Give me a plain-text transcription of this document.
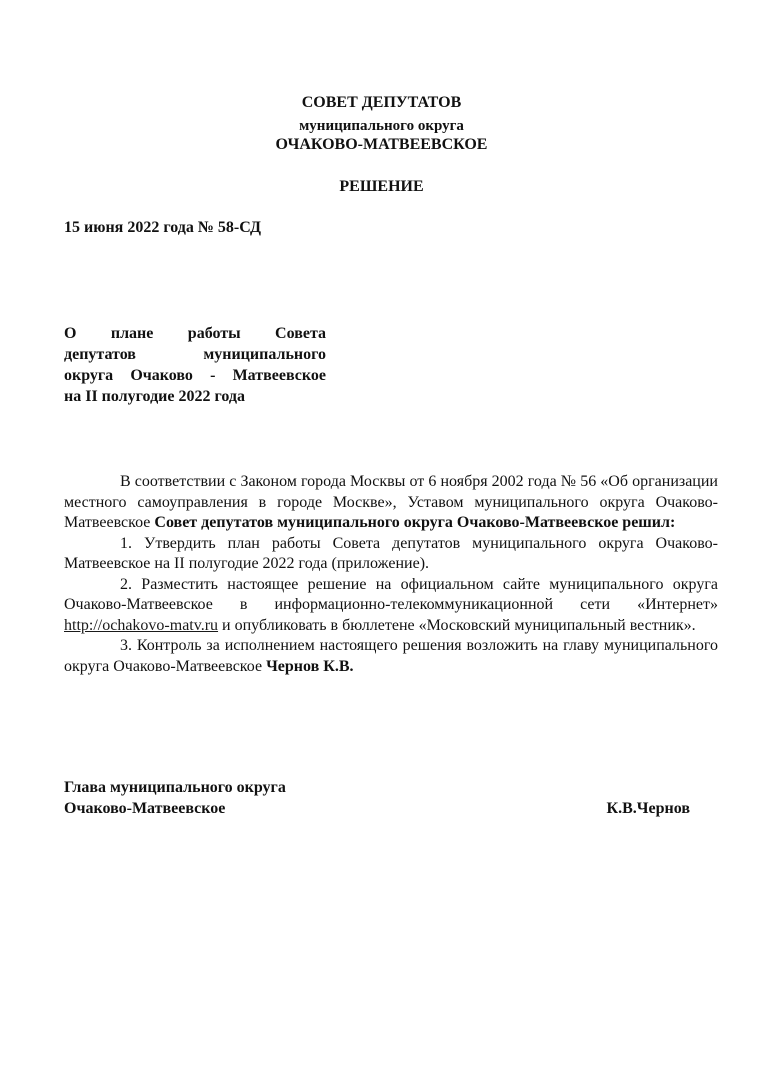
СОВЕТ ДЕПУТАТОВ
муниципального округа
ОЧАКОВО-МАТВЕЕВСКОЕ
РЕШЕНИЕ
15 июня 2022 года № 58-СД
О плане работы Совета
депутатов муниципального
округа Очаково - Матвеевское
на II полугодие 2022 года

В соответствии с Законом города Москвы от 6 ноября 2002 года № 56 «Об организации местного самоуправления в городе Москве», Уставом муниципального округа Очаково-Матвеевское Совет депутатов муниципального округа Очаково-Матвеевское решил:

1. Утвердить план работы Совета депутатов муниципального округа Очаково-Матвеевское на II полугодие 2022 года (приложение).

2. Разместить настоящее решение на официальном сайте муниципального округа Очаково-Матвеевское в информационно-телекоммуникационной сети «Интернет» http://ochakovo-matv.ru и опубликовать в бюллетене «Московский муниципальный вестник».

3. Контроль за исполнением настоящего решения возложить на главу муниципального округа Очаково-Матвеевское Чернов К.В.

Глава муниципального округа
Очаково-Матвеевское	К.В.Чернов
